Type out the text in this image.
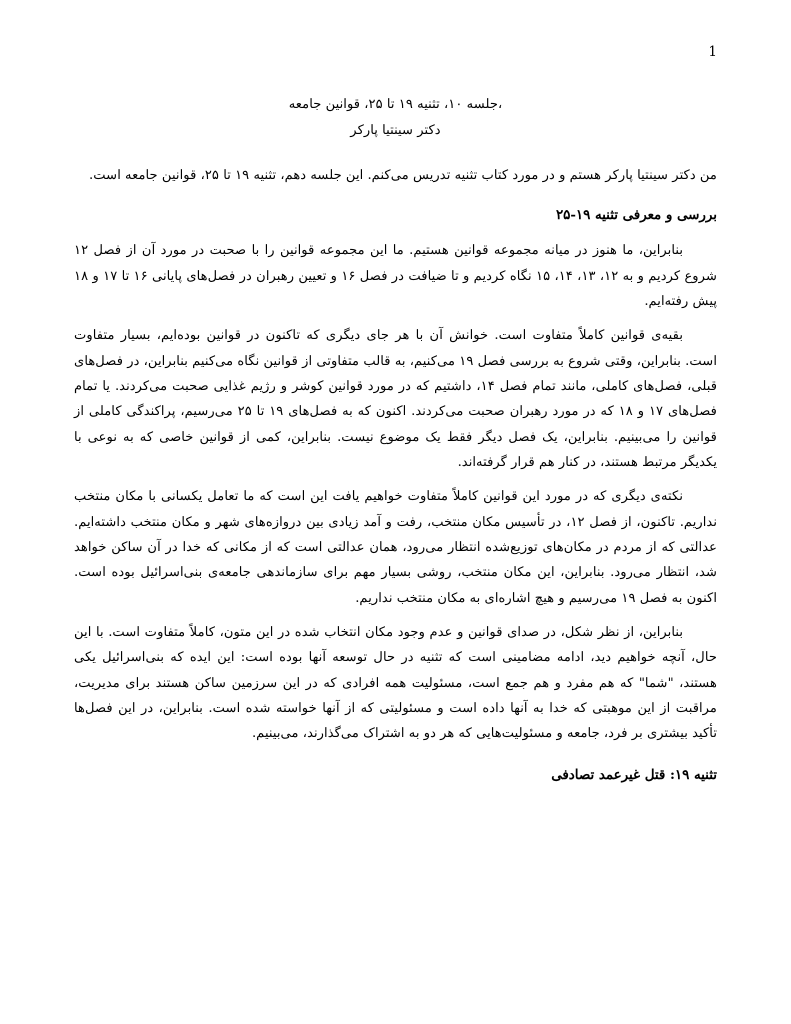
1

،جلسه ۱۰، تثنیه ۱۹ تا ۲۵، قوانین جامعه

دکتر سینتیا پارکر

من دکتر سینتیا پارکر هستم و در مورد کتاب تثنیه تدریس می‌کنم. این جلسه دهم، تثنیه ۱۹ تا ۲۵، قوانین جامعه است.

بررسی و معرفی تثنیه ۱۹-۲۵

بنابراین، ما هنوز در میانه مجموعه قوانین هستیم. ما این مجموعه قوانین را با صحبت در مورد آن از فصل ۱۲ شروع کردیم و به ۱۲، ۱۳، ۱۴، ۱۵ نگاه کردیم و تا ضیافت در فصل ۱۶ و تعیین رهبران در فصل‌های پایانی ۱۶ تا ۱۷ و ۱۸ پیش رفته‌ایم.

بقیه‌ی قوانین کاملاً متفاوت است. خوانش آن با هر جای دیگری که تاکنون در قوانین بوده‌ایم، بسیار متفاوت است. بنابراین، وقتی شروع به بررسی فصل ۱۹ می‌کنیم، به قالب متفاوتی از قوانین نگاه می‌کنیم بنابراین، در فصل‌های قبلی، فصل‌های کاملی، مانند تمام فصل ۱۴، داشتیم که در مورد قوانین کوشر و رژیم غذایی صحبت می‌کردند. یا تمام فصل‌های ۱۷ و ۱۸ که در مورد رهبران صحبت می‌کردند. اکنون که به فصل‌های ۱۹ تا ۲۵ می‌رسیم، پراکندگی کاملی از قوانین را می‌بینیم. بنابراین، یک فصل دیگر فقط یک موضوع نیست. بنابراین، کمی از قوانین خاصی که به نوعی با یکدیگر مرتبط هستند، در کنار هم قرار گرفته‌اند.

نکته‌ی دیگری که در مورد این قوانین کاملاً متفاوت خواهیم یافت این است که ما تعامل یکسانی با مکان منتخب نداریم. تاکنون، از فصل ۱۲، در تأسیس مکان منتخب، رفت و آمد زیادی بین دروازه‌های شهر و مکان منتخب داشته‌ایم. عدالتی که از مردم در مکان‌های توزیع‌شده انتظار می‌رود، همان عدالتی است که از مکانی که خدا در آن ساکن خواهد شد، انتظار می‌رود. بنابراین، این مکان منتخب، روشی بسیار مهم برای سازماندهی جامعه‌ی بنی‌اسرائیل بوده است. اکنون به فصل ۱۹ می‌رسیم و هیچ اشاره‌ای به مکان منتخب نداریم.

بنابراین، از نظر شکل، در صدای قوانین و عدم وجود مکان انتخاب شده در این متون، کاملاً متفاوت است. با این حال، آنچه خواهیم دید، ادامه مضامینی است که تثنیه در حال توسعه آنها بوده است: این ایده که بنی‌اسرائیل یکی هستند، "شما" که هم مفرد و هم جمع است، مسئولیت همه افرادی که در این سرزمین ساکن هستند برای مدیریت، مراقبت از این موهبتی که خدا به آنها داده است و مسئولیتی که از آنها خواسته شده است. بنابراین، در این فصل‌ها تأکید بیشتری بر فرد، جامعه و مسئولیت‌هایی که هر دو به اشتراک می‌گذارند، می‌بینیم.

تثنیه ۱۹: قتل غیرعمد تصادفی
